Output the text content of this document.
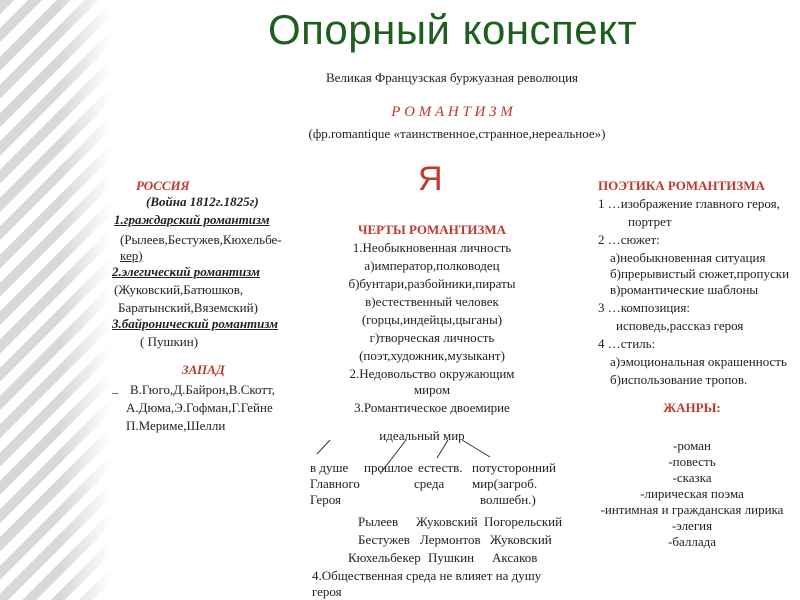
Опорный конспект
Великая Французская буржуазная революция
Р О М А Н Т И З М
(фр.romantique «таинственное,странное,нереальное»)
Я
РОССИЯ
(Война 1812г.1825г)
1.граждарский романтизм
(Рылеев,Бестужев,Кюхельбе-
кер)
2.элегический романтизм
(Жуковский,Батюшков,
Баратынский,Вяземский)
3.байронический романтизм
( Пушкин)
ЗАПАД
_ В.Гюго,Д.Байрон,В.Скотт,
А.Дюма,Э.Гофман,Г.Гейне
П.Мериме,Шелли
ЧЕРТЫ РОМАНТИЗМА
1.Необыкновенная личность
а)император,полководец
б)бунтари,разбойники,пираты
в)естественный человек
(горцы,индейцы,цыганы)
г)творческая личность
(поэт,художник,музыкант)
2.Недовольство окружающим
миром
3.Романтическое двоемирие
идеальный мир
в душе прошлое естеств. потусторонний
Главного	среда мир(загроб.
Героя	волшебн.)
Рылеев Жуковский Погорельский
Бестужев Лермонтов Жуковский
Кюхельбекер Пушкин Аксаков
4.Общественная среда не влияет на душу
героя
ПОЭТИКА РОМАНТИЗМА
1 …изображение главного героя,
портрет
2 …сюжет:
а)необыкновенная ситуация
б)прерывистый сюжет,пропуски
в)романтические шаблоны
3 …композиция:
исповедь,рассказ героя
4 …стиль:
а)эмоциональная окрашенность
б)использование тропов.
ЖАНРЫ:
-роман
-повесть
-сказка
-лирическая поэма
-интимная и гражданская лирика
-элегия
-баллада
